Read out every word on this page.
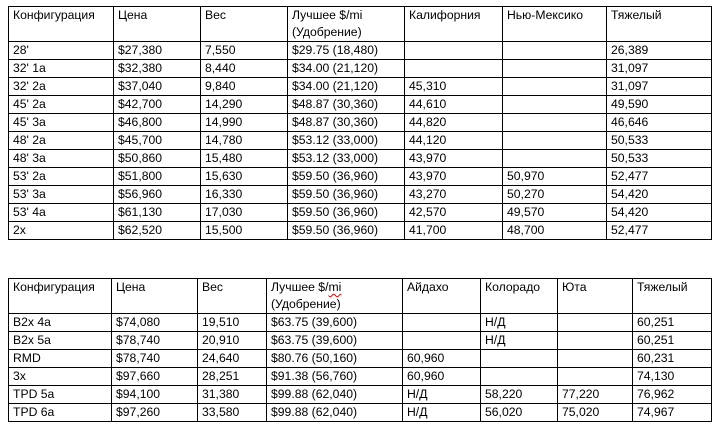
Конфигурация	Цена	Вес	Лучшее $/mi
(Удобрение)	Калифорния	Нью-Мексико	Тяжелый
28'	$27,380	7,550	$29.75 (18,480)			26,389
32' 1a	$32,380	8,440	$34.00 (21,120)			31,097
32' 2a	$37,040	9,840	$34.00 (21,120)	45,310		31,097
45' 2a	$42,700	14,290	$48.87 (30,360)	44,610		49,590
45' 3a	$46,800	14,990	$48.87 (30,360)	44,820		46,646
48' 2a	$45,700	14,780	$53.12 (33,000)	44,120		50,533
48' 3a	$50,860	15,480	$53.12 (33,000)	43,970		50,533
53' 2a	$51,800	15,630	$59.50 (36,960)	43,970	50,970	52,477
53' 3a	$56,960	16,330	$59.50 (36,960)	43,270	50,270	54,420
53' 4a	$61,130	17,030	$59.50 (36,960)	42,570	49,570	54,420
2x	$62,520	15,500	$59.50 (36,960)	41,700	48,700	52,477
Конфигурация	Цена	Вес	Лучшее $/mi
(Удобрение)	Айдахо	Колорадо	Юта	Тяжелый
B2x 4a	$74,080	19,510	$63.75 (39,600)		Н/Д		60,251
B2x 5a	$78,740	20,910	$63.75 (39,600)		Н/Д		60,251
RMD	$78,740	24,640	$80.76 (50,160)	60,960			60,231
3x	$97,660	28,251	$91.38 (56,760)	60,960			74,130
TPD 5a	$94,100	31,380	$99.88 (62,040)	Н/Д	58,220	77,220	76,962
TPD 6a	$97,260	33,580	$99.88 (62,040)	Н/Д	56,020	75,020	74,967
